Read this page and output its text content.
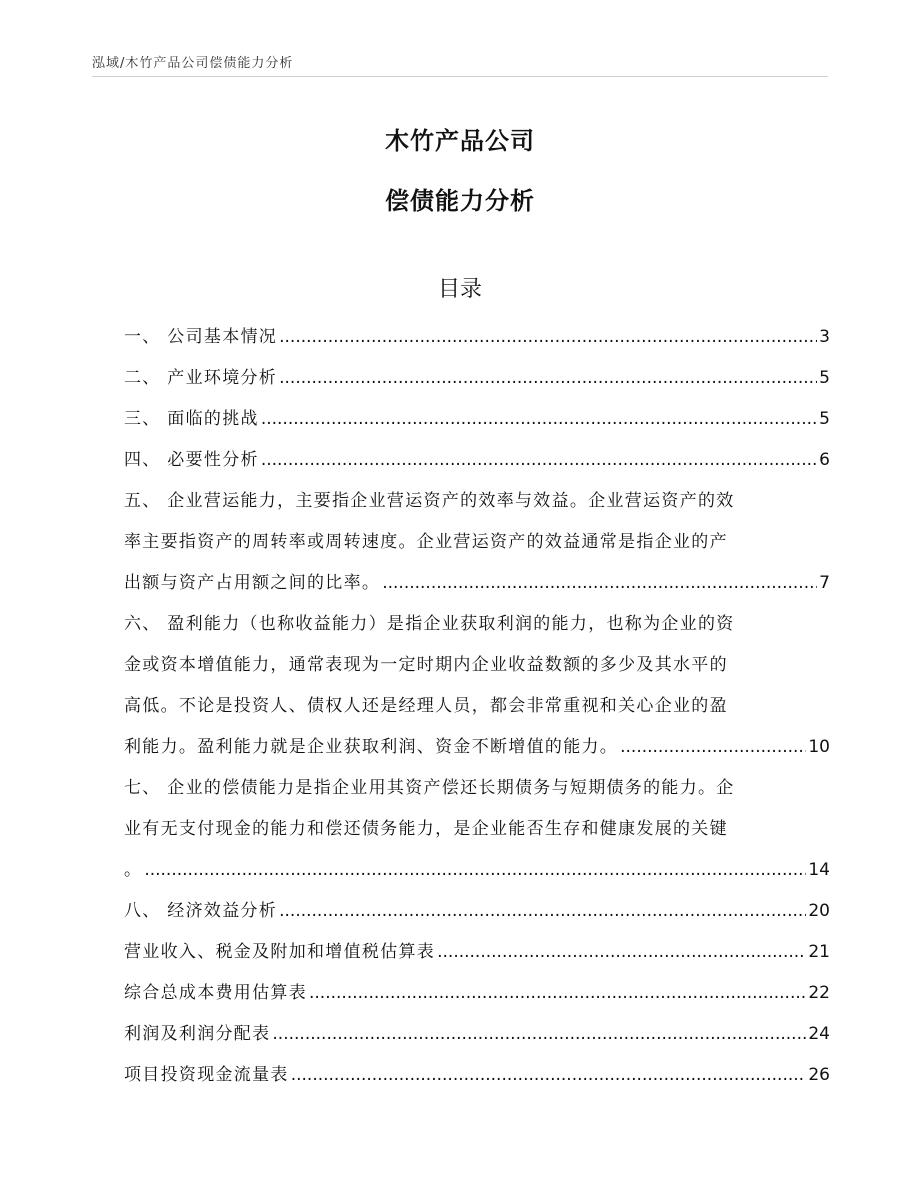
泓域/木竹产品公司偿债能力分析
木竹产品公司
偿债能力分析
目录
一、 公司基本情况 .....	3
二、 产业环境分析 .....	5
三、 面临的挑战 .....	5
四、 必要性分析 .....	6
五、 企业营运能力，主要指企业营运资产的效率与效益。企业营运资产的效
率主要指资产的周转率或周转速度。企业营运资产的效益通常是指企业的产
出额与资产占用额之间的比率。 .....	7
六、 盈利能力（也称收益能力）是指企业获取利润的能力，也称为企业的资
金或资本增值能力，通常表现为一定时期内企业收益数额的多少及其水平的
高低。不论是投资人、债权人还是经理人员，都会非常重视和关心企业的盈
利能力。盈利能力就是企业获取利润、资金不断增值的能力。 .....	10
七、 企业的偿债能力是指企业用其资产偿还长期债务与短期债务的能力。企
业有无支付现金的能力和偿还债务能力，是企业能否生存和健康发展的关键
。 .....	14
八、 经济效益分析 .....	20
营业收入、税金及附加和增值税估算表 .....	21
综合总成本费用估算表 .....	22
利润及利润分配表 .....	24
项目投资现金流量表 .....	26
